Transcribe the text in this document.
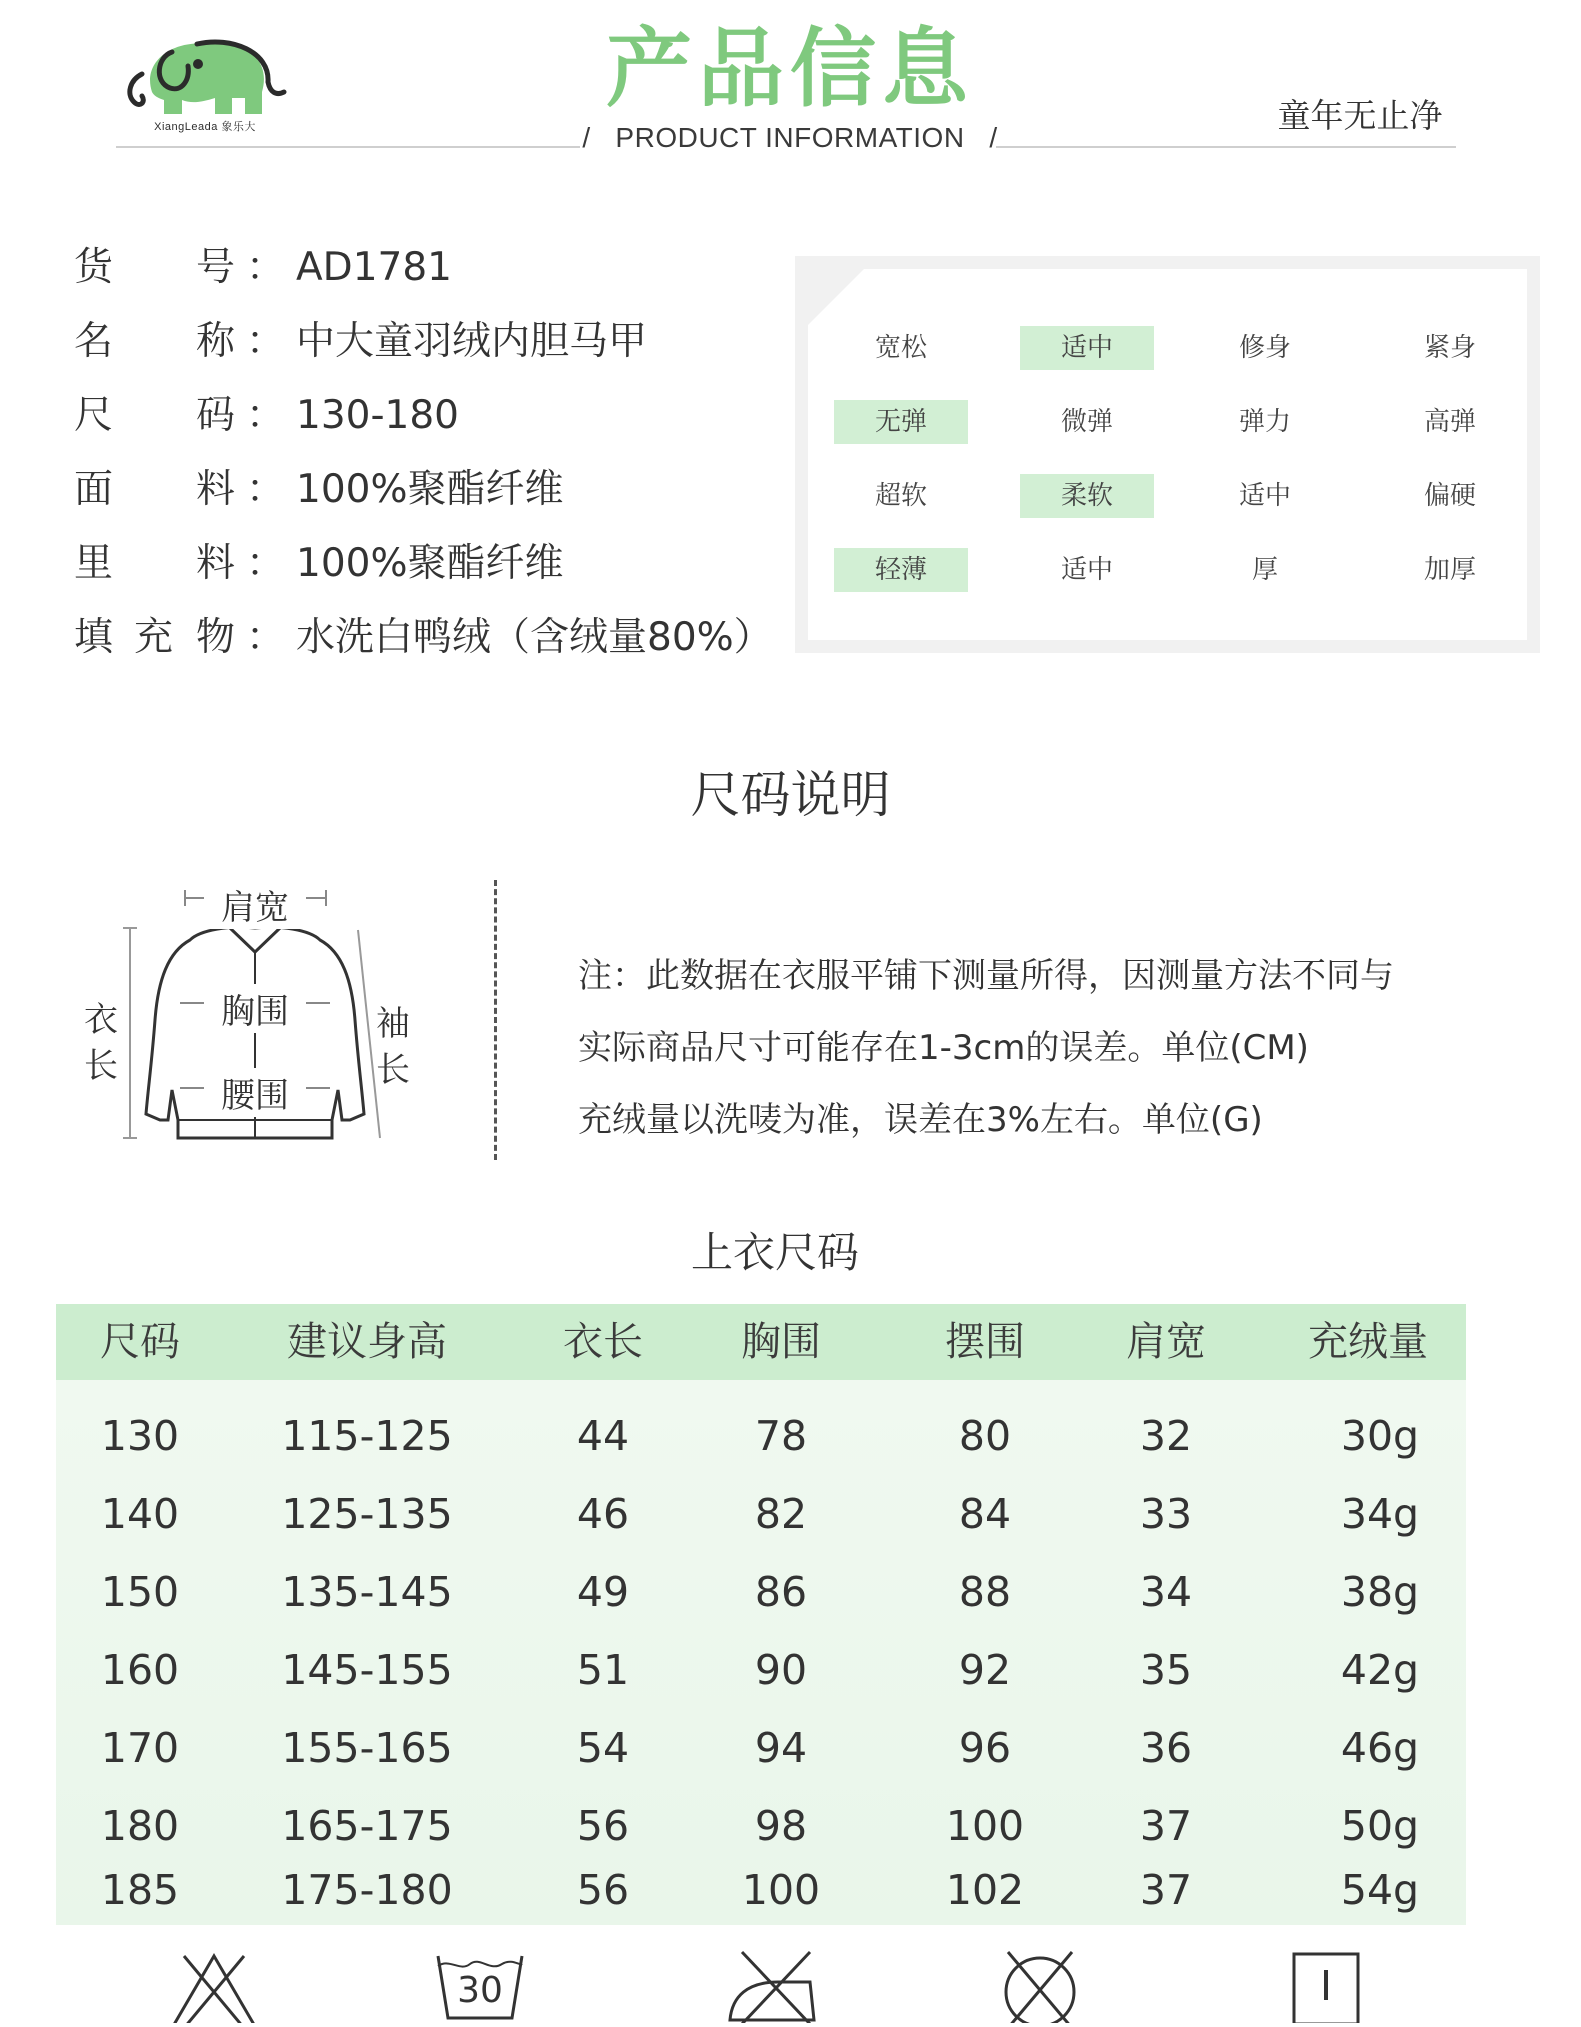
XiangLeada 象乐大
产品信息
/   PRODUCT INFORMATION   /
童年无止净
货 号 ： AD1781
名 称 ： 中大童羽绒内胆马甲
尺 码 ： 130-180
面 料 ： 100%聚酯纤维
里 料 ： 100%聚酯纤维
填 充 物 ： 水洗白鸭绒（含绒量80%）
宽松	适中	修身	紧身
无弹	微弹	弹力	高弹
超软	柔软	适中	偏硬
轻薄	适中	厚	加厚
尺码说明
肩宽
胸围
腰围
衣
长
袖
长
注：此数据在衣服平铺下测量所得，因测量方法不同与
实际商品尺寸可能存在1-3cm的误差。单位(CM)
充绒量以洗唛为准，误差在3%左右。单位(G)
上衣尺码
尺码	建议身高	衣长	胸围	摆围	肩宽	充绒量
130	115-125	44	78	80	32	30g
140	125-135	46	82	84	33	34g
150	135-145	49	86	88	34	38g
160	145-155	51	90	92	35	42g
170	155-165	54	94	96	36	46g
180	165-175	56	98	100	37	50g
185	175-180	56	100	102	37	54g
30
